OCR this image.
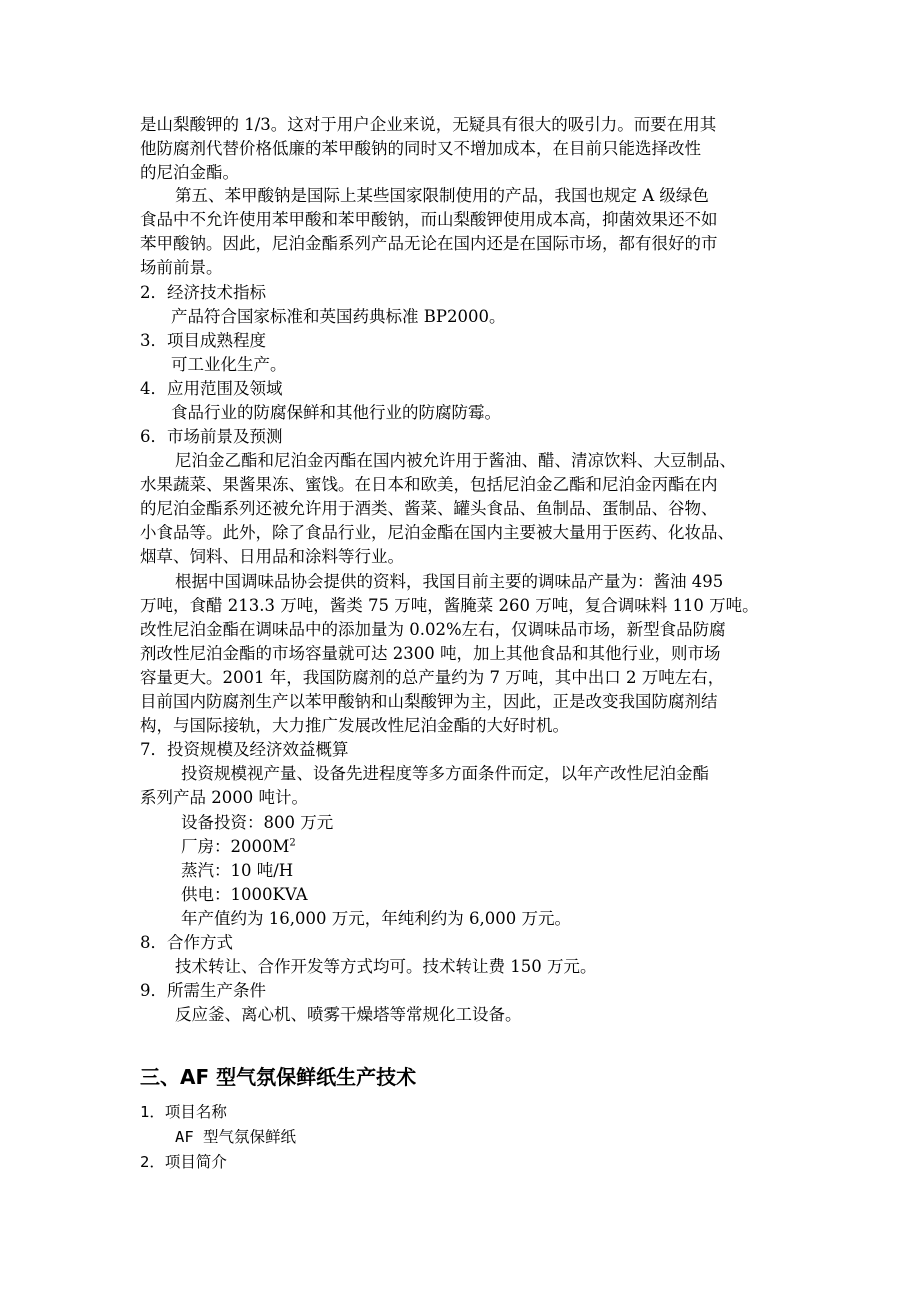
是山梨酸钾的 1/3。这对于用户企业来说，无疑具有很大的吸引力。而要在用其
他防腐剂代替价格低廉的苯甲酸钠的同时又不增加成本，在目前只能选择改性
的尼泊金酯。
第五、苯甲酸钠是国际上某些国家限制使用的产品，我国也规定 A 级绿色
食品中不允许使用苯甲酸和苯甲酸钠，而山梨酸钾使用成本高，抑菌效果还不如
苯甲酸钠。因此，尼泊金酯系列产品无论在国内还是在国际市场，都有很好的市
场前前景。
2．经济技术指标
产品符合国家标准和英国药典标准 BP2000。
3．项目成熟程度
可工业化生产。
4．应用范围及领域
食品行业的防腐保鲜和其他行业的防腐防霉。
6．市场前景及预测
尼泊金乙酯和尼泊金丙酯在国内被允许用于酱油、醋、清凉饮料、大豆制品、
水果蔬菜、果酱果冻、蜜饯。在日本和欧美，包括尼泊金乙酯和尼泊金丙酯在内
的尼泊金酯系列还被允许用于酒类、酱菜、罐头食品、鱼制品、蛋制品、谷物、
小食品等。此外，除了食品行业，尼泊金酯在国内主要被大量用于医药、化妆品、
烟草、饲料、日用品和涂料等行业。
根据中国调味品协会提供的资料，我国目前主要的调味品产量为：酱油 495
万吨，食醋 213.3 万吨，酱类 75 万吨，酱腌菜 260 万吨，复合调味料 110 万吨。
改性尼泊金酯在调味品中的添加量为 0.02%左右，仅调味品市场，新型食品防腐
剂改性尼泊金酯的市场容量就可达 2300 吨，加上其他食品和其他行业，则市场
容量更大。2001 年，我国防腐剂的总产量约为 7 万吨，其中出口 2 万吨左右，
目前国内防腐剂生产以苯甲酸钠和山梨酸钾为主，因此，正是改变我国防腐剂结
构，与国际接轨，大力推广发展改性尼泊金酯的大好时机。
7．投资规模及经济效益概算
投资规模视产量、设备先进程度等多方面条件而定，以年产改性尼泊金酯
系列产品 2000 吨计。
设备投资：800 万元
厂房：$2000M^2$
蒸汽：10 吨/H
供电：1000KVA
年产值约为 16,000 万元，年纯利约为 6,000 万元。
8．合作方式
技术转让、合作开发等方式均可。技术转让费 150 万元。
9．所需生产条件
反应釜、离心机、喷雾干燥塔等常规化工设备。
三、AF 型气氛保鲜纸生产技术
1．项目名称
AF 型气氛保鲜纸
2．项目简介
